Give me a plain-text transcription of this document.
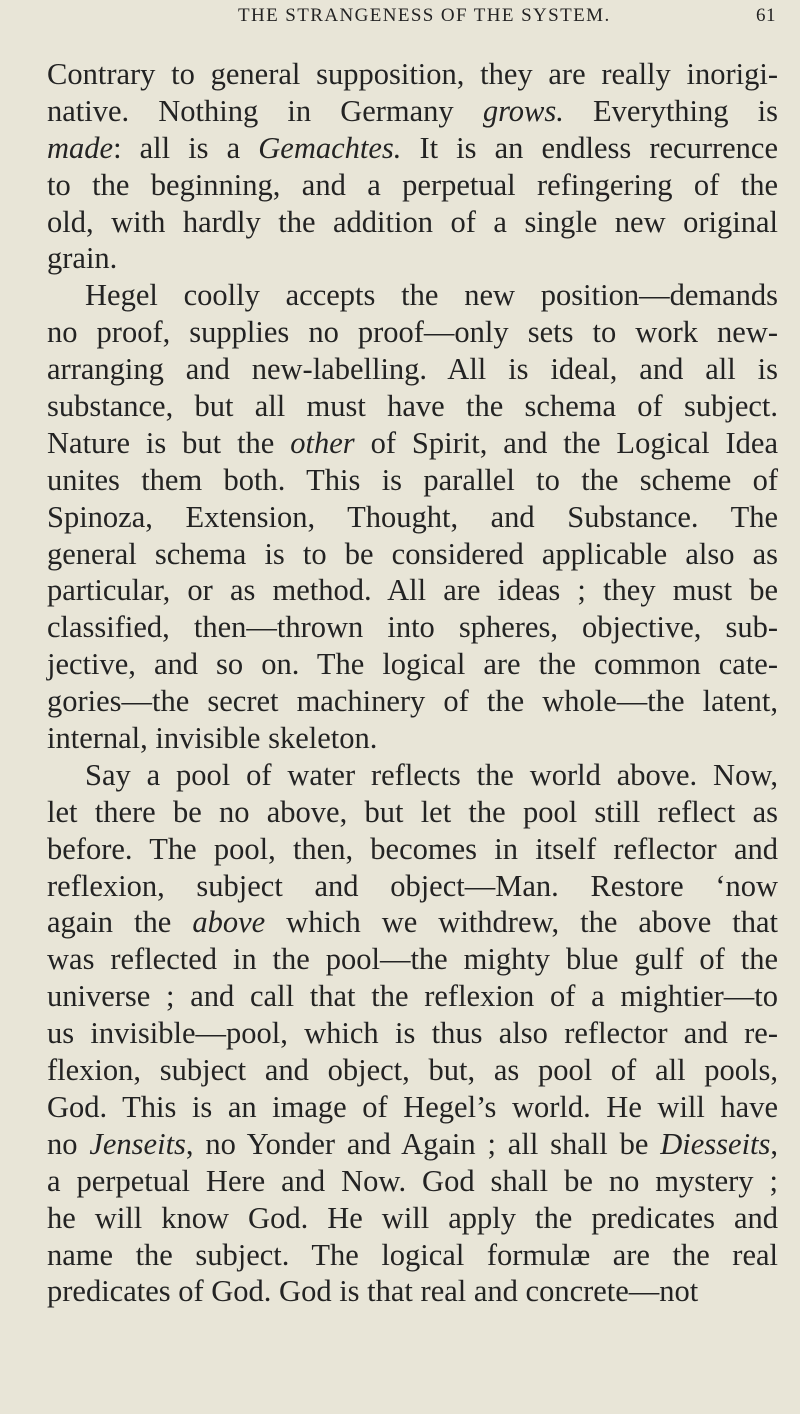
THE STRANGENESS OF THE SYSTEM.	61
Contrary to general supposition, they are really inorigi-
native. Nothing in Germany grows. Everything is
made: all is a Gemachtes. It is an endless recurrence
to the beginning, and a perpetual refingering of the
old, with hardly the addition of a single new original
grain.
Hegel coolly accepts the new position—demands
no proof, supplies no proof—only sets to work new-
arranging and new-labelling. All is ideal, and all is
substance, but all must have the schema of subject.
Nature is but the other of Spirit, and the Logical Idea
unites them both. This is parallel to the scheme of
Spinoza, Extension, Thought, and Substance. The
general schema is to be considered applicable also as
particular, or as method. All are ideas ; they must be
classified, then—thrown into spheres, objective, sub-
jective, and so on. The logical are the common cate-
gories—the secret machinery of the whole—the latent,
internal, invisible skeleton.
Say a pool of water reflects the world above. Now,
let there be no above, but let the pool still reflect as
before. The pool, then, becomes in itself reflector and
reflexion, subject and object—Man. Restore ‘now
again the above which we withdrew, the above that
was reflected in the pool—the mighty blue gulf of the
universe ; and call that the reflexion of a mightier—to
us invisible—pool, which is thus also reflector and re-
flexion, subject and object, but, as pool of all pools,
God. This is an image of Hegel’s world. He will have
no Jenseits, no Yonder and Again ; all shall be Diesseits,
a perpetual Here and Now. God shall be no mystery ;
he will know God. He will apply the predicates and
name the subject. The logical formulæ are the real
predicates of God. God is that real and concrete—not
